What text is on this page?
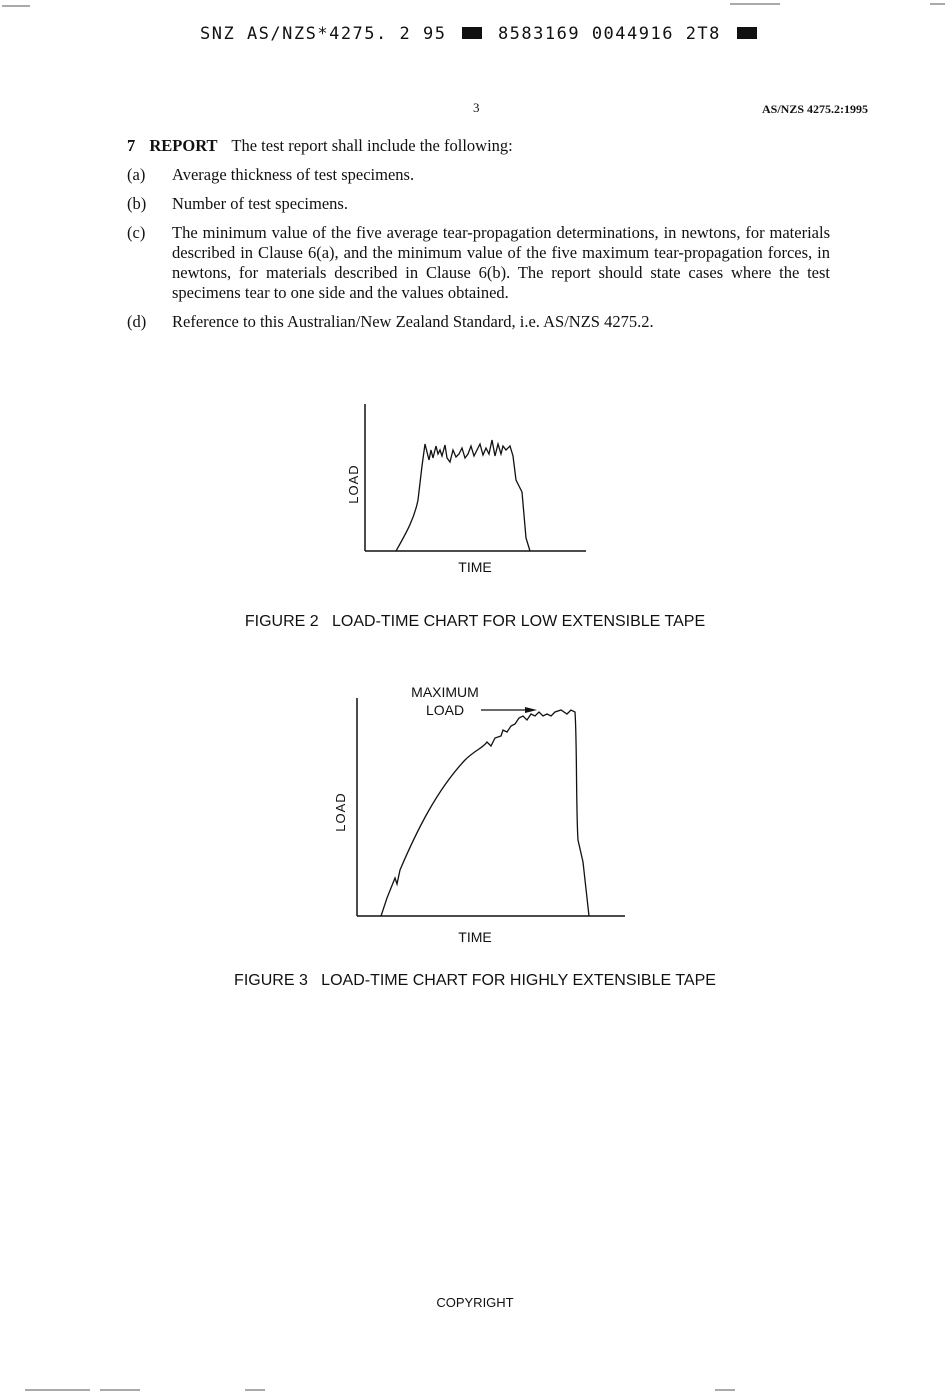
SNZ AS/NZS*4275. 2 95	8583169 0044916 2T8
3	AS/NZS 4275.2:1995
7 REPORT The test report shall include the following:
(a)	Average thickness of test specimens.
(b)	Number of test specimens.
(c)	The minimum value of the five average tear-propagation determinations, in newtons, for materials described in Clause 6(a), and the minimum value of the five maximum tear-propagation forces, in newtons, for materials described in Clause 6(b). The report should state cases where the test specimens tear to one side and the values obtained.
(d)	Reference to this Australian/New Zealand Standard, i.e. AS/NZS 4275.2.
LOAD
TIME
FIGURE 2   LOAD-TIME CHART FOR LOW EXTENSIBLE TAPE
MAXIMUM
LOAD
LOAD
TIME
FIGURE 3   LOAD-TIME CHART FOR HIGHLY EXTENSIBLE TAPE
COPYRIGHT
